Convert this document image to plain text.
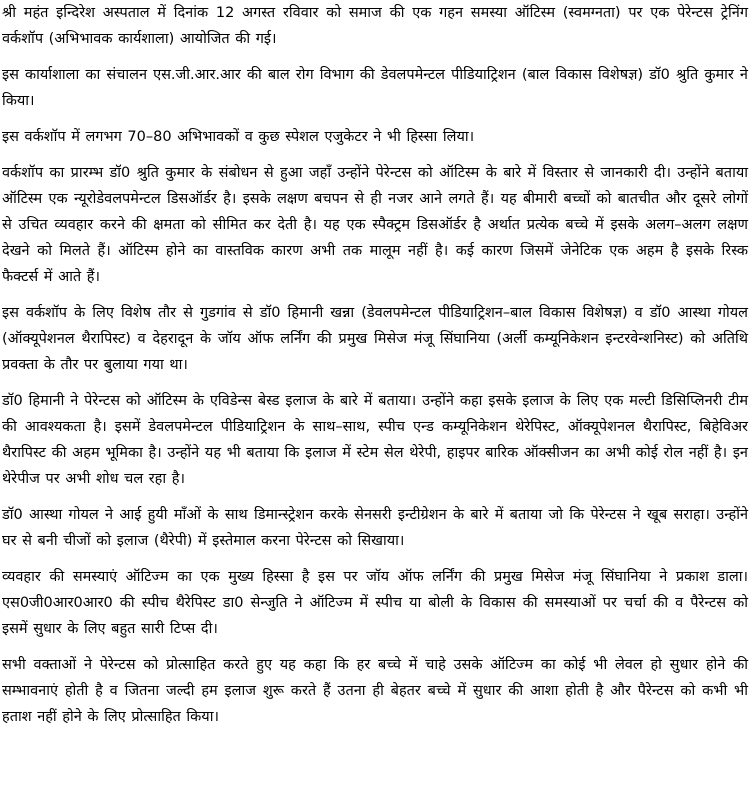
श्री महंत इन्दिरेश अस्पताल में दिनांक 12 अगस्त रविवार को समाज की एक गहन समस्या ऑटिस्म (स्वमग्नता) पर एक पेरेन्टस ट्रेनिंग वर्कशॉप (अभिभावक कार्यशाला) आयोजित की गई।

इस कार्याशाला का संचालन एस.जी.आर.आर की बाल रोग विभाग की डेवलपमेन्टल पीडियाट्रिशन (बाल विकास विशेषज्ञ) डॉ0 श्रुति कुमार ने किया।

इस वर्कशॉप में लगभग 70–80 अभिभावकों व कुछ स्पेशल एजुकेटर ने भी हिस्सा लिया।

वर्कशॉप का प्रारम्भ डॉ0 श्रुति कुमार के संबोधन से हुआ जहाँ उन्होंने पेरेन्टस को ऑटिस्म के बारे में विस्तार से जानकारी दी। उन्होंने बताया ऑटिस्म एक न्यूरोडेवलपमेन्टल डिसऑर्डर है। इसके लक्षण बचपन से ही नजर आने लगते हैं। यह बीमारी बच्चों को बातचीत और दूसरे लोगों से उचित व्यवहार करने की क्षमता को सीमित कर देती है। यह एक स्पैक्ट्रम डिसऑर्डर है अर्थात प्रत्येक बच्चे में इसके अलग–अलग लक्षण देखने को मिलते हैं। ऑटिस्म होने का वास्तविक कारण अभी तक मालूम नहीं है। कई कारण जिसमें जेनेटिक एक अहम है इसके रिस्क फैक्टर्स में आते हैं।

इस वर्कशॉप के लिए विशेष तौर से गुडगांव से डॉ0 हिमानी खन्ना (डेवलपमेन्टल पीडियाट्रिशन–बाल विकास विशेषज्ञ) व डॉ0 आस्था गोयल (ऑक्यूपेशनल थैरापिस्ट) व देहरादून के जॉय ऑफ लर्निंग की प्रमुख मिसेज मंजू सिंघानिया (अर्ली कम्यूनिकेशन इन्टरवेन्शनिस्ट) को अतिथि प्रवक्ता के तौर पर बुलाया गया था।

डॉ0 हिमानी ने पेरेन्टस को ऑटिस्म के एविडेन्स बेस्ड इलाज के बारे में बताया। उन्होंने कहा इसके इलाज के लिए एक मल्टी डिसिप्लिनरी टीम की आवश्यकता है। इसमें डेवलपमेन्टल पीडियाट्रिशन के साथ–साथ, स्पीच एन्ड कम्यूनिकेशन थेरेपिस्ट, ऑक्यूपेशनल थैरापिस्ट, बिहेविअर थैरापिस्ट की अहम भूमिका है। उन्होंने यह भी बताया कि इलाज में स्टेम सेल थेरेपी, हाइपर बारिक ऑक्सीजन का अभी कोई रोल नहीं है। इन थेरेपीज पर अभी शोध चल रहा है।

डॉ0 आस्था गोयल ने आई हुयी माँओं के साथ डिमान्स्ट्रेशन करके सेनसरी इन्टीग्रेशन के बारे में बताया जो कि पेरेन्टस ने खूब सराहा। उन्होंने घर से बनी चीजों को इलाज (थैरेपी) में इस्तेमाल करना पेरेन्टस को सिखाया।

व्यवहार की समस्याएं ऑटिज्म का एक मुख्य हिस्सा है इस पर जॉय ऑफ लर्निंग की प्रमुख मिसेज मंजू सिंघानिया ने प्रकाश डाला। एस0जी0आर0आर0 की स्पीच थैरेपिस्ट डा0 सेन्जुति ने ऑटिज्म में स्पीच या बोली के विकास की समस्याओं पर चर्चा की व पैरेन्टस को इसमें सुधार के लिए बहुत सारी टिप्स दी।

सभी वक्ताओं ने पेरेन्टस को प्रोत्साहित करते हुए यह कहा कि हर बच्चे में चाहे उसके ऑटिज्म का कोई भी लेवल हो सुधार होने की सम्भावनाएं होती है व जितना जल्दी हम इलाज शुरू करते हैं उतना ही बेहतर बच्चे में सुधार की आशा होती है और पैरेन्टस को कभी भी हताश नहीं होने के लिए प्रोत्साहित किया।
